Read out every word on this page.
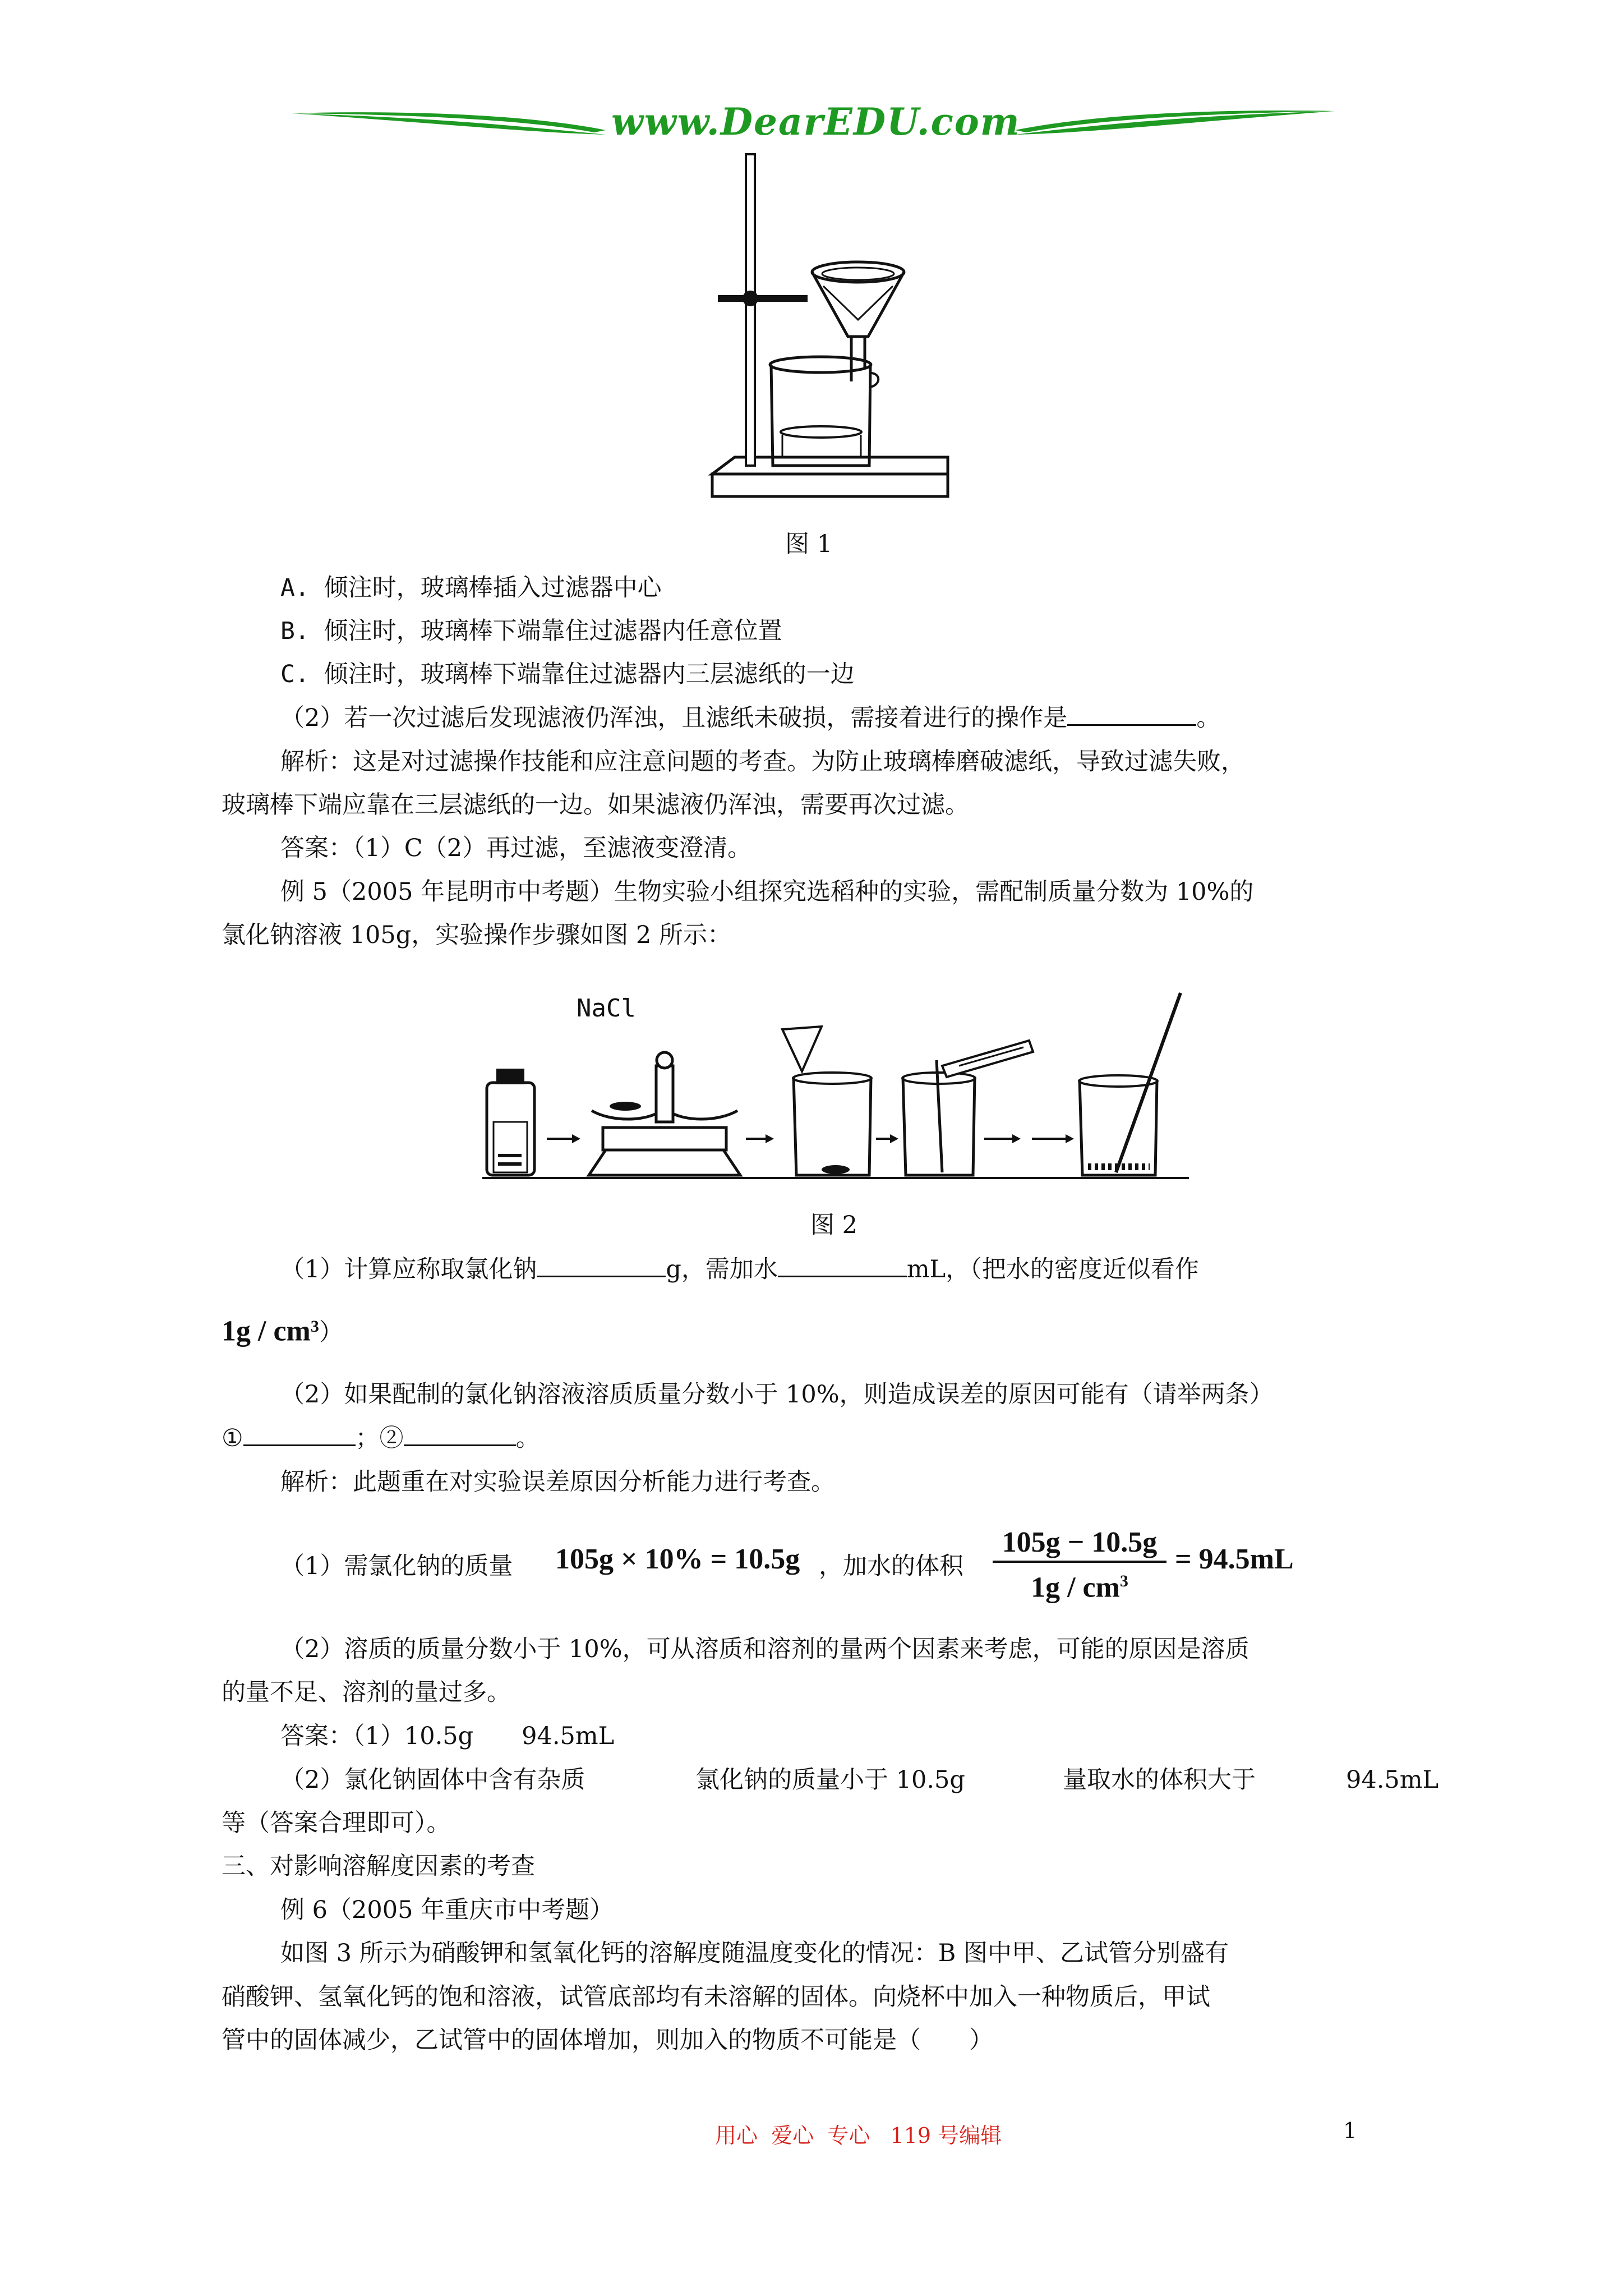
www.DearEDU.com
图 1
A. 倾注时，玻璃棒插入过滤器中心
B. 倾注时，玻璃棒下端靠住过滤器内任意位置
C. 倾注时，玻璃棒下端靠住过滤器内三层滤纸的一边
（2）若一次过滤后发现滤液仍浑浊，且滤纸未破损，需接着进行的操作是	。
解析：这是对过滤操作技能和应注意问题的考查。为防止玻璃棒磨破滤纸，导致过滤失败，
玻璃棒下端应靠在三层滤纸的一边。如果滤液仍浑浊，需要再次过滤。
答案：（1）C（2）再过滤，至滤液变澄清。
例 5（2005 年昆明市中考题）生物实验小组探究选稻种的实验，需配制质量分数为 10%的
氯化钠溶液 105g，实验操作步骤如图 2 所示：
NaCl
图 2
（1）计算应称取氯化钠	g，需加水	mL，（把水的密度近似看作
$1g / cm^3$）
（2）如果配制的氯化钠溶液溶质质量分数小于 10%，则造成误差的原因可能有（请举两条）
①	；②	。
解析：此题重在对实验误差原因分析能力进行考查。
（1）需氯化钠的质量 105g × 10% = 10.5g ，加水的体积
105g − 10.5g
$1g / cm^3$
= 94.5mL
（2）溶质的质量分数小于 10%，可从溶质和溶剂的量两个因素来考虑，可能的原因是溶质
的量不足、溶剂的量过多。
答案：（1）10.5g　　94.5mL
（2）氯化钠固体中含有杂质	氯化钠的质量小于 10.5g	量取水的体积大于	94.5mL
等（答案合理即可）。
三、对影响溶解度因素的考查
例 6（2005 年重庆市中考题）
如图 3 所示为硝酸钾和氢氧化钙的溶解度随温度变化的情况：B 图中甲、乙试管分别盛有
硝酸钾、氢氧化钙的饱和溶液，试管底部均有未溶解的固体。向烧杯中加入一种物质后，甲试
管中的固体减少，乙试管中的固体增加，则加入的物质不可能是（　　）
用心  爱心  专心   119 号编辑	1
